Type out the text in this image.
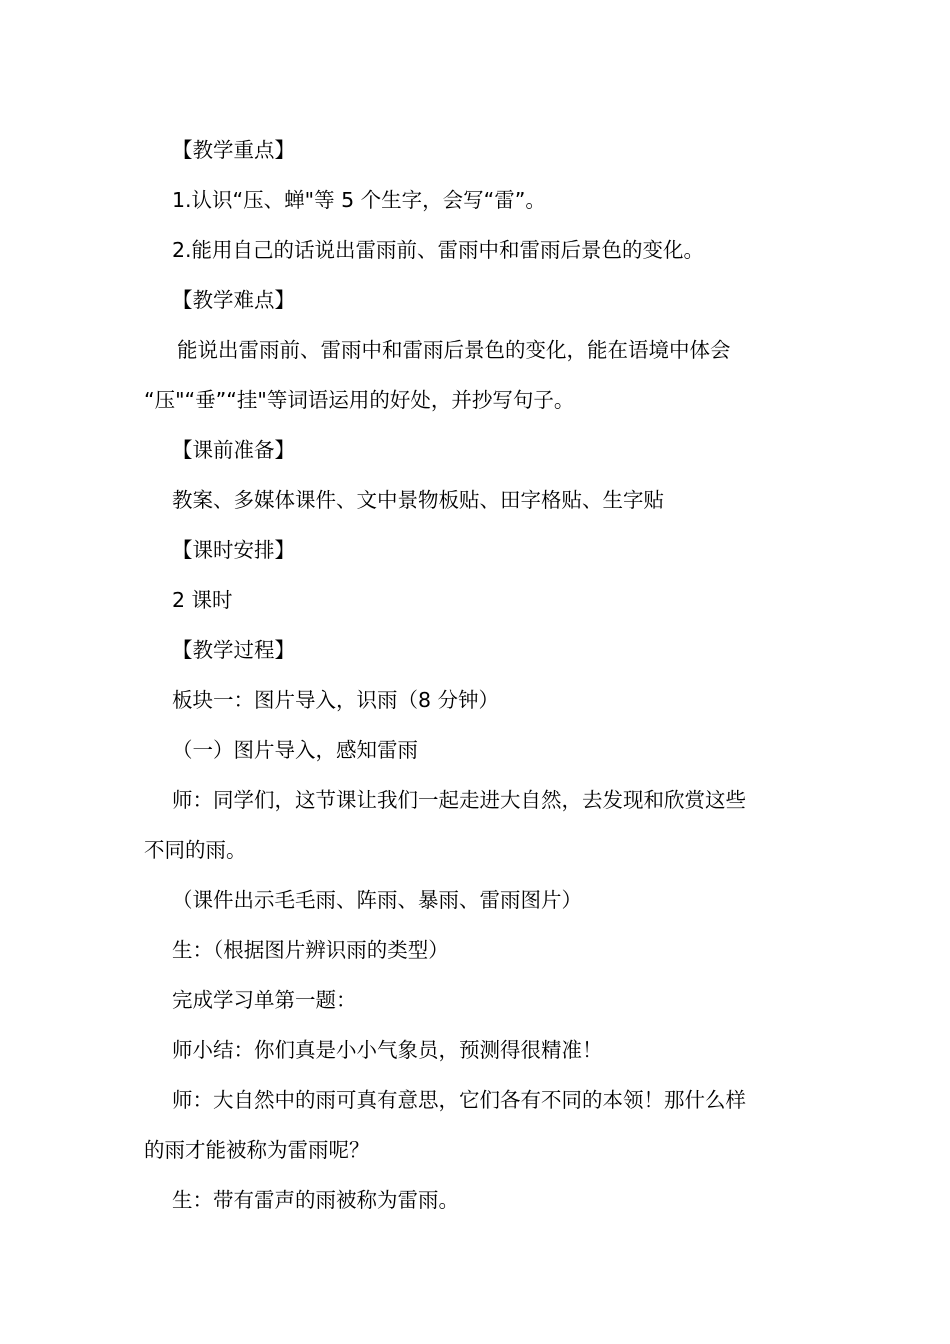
【教学重点】
1.认识“压、蝉"等 5 个生字，会写“雷”。
2.能用自己的话说出雷雨前、雷雨中和雷雨后景色的变化。
【教学难点】
能说出雷雨前、雷雨中和雷雨后景色的变化，能在语境中体会
“压"“垂”“挂"等词语运用的好处，并抄写句子。
【课前准备】
教案、多媒体课件、文中景物板贴、田字格贴、生字贴
【课时安排】
2 课时
【教学过程】
板块一：图片导入，识雨（8 分钟）
（一）图片导入，感知雷雨
师：同学们，这节课让我们一起走进大自然，去发现和欣赏这些
不同的雨。
（课件出示毛毛雨、阵雨、暴雨、雷雨图片）
生：（根据图片辨识雨的类型）
完成学习单第一题：
师小结：你们真是小小气象员，预测得很精准！
师：大自然中的雨可真有意思，它们各有不同的本领！那什么样
的雨才能被称为雷雨呢？
生：带有雷声的雨被称为雷雨。
